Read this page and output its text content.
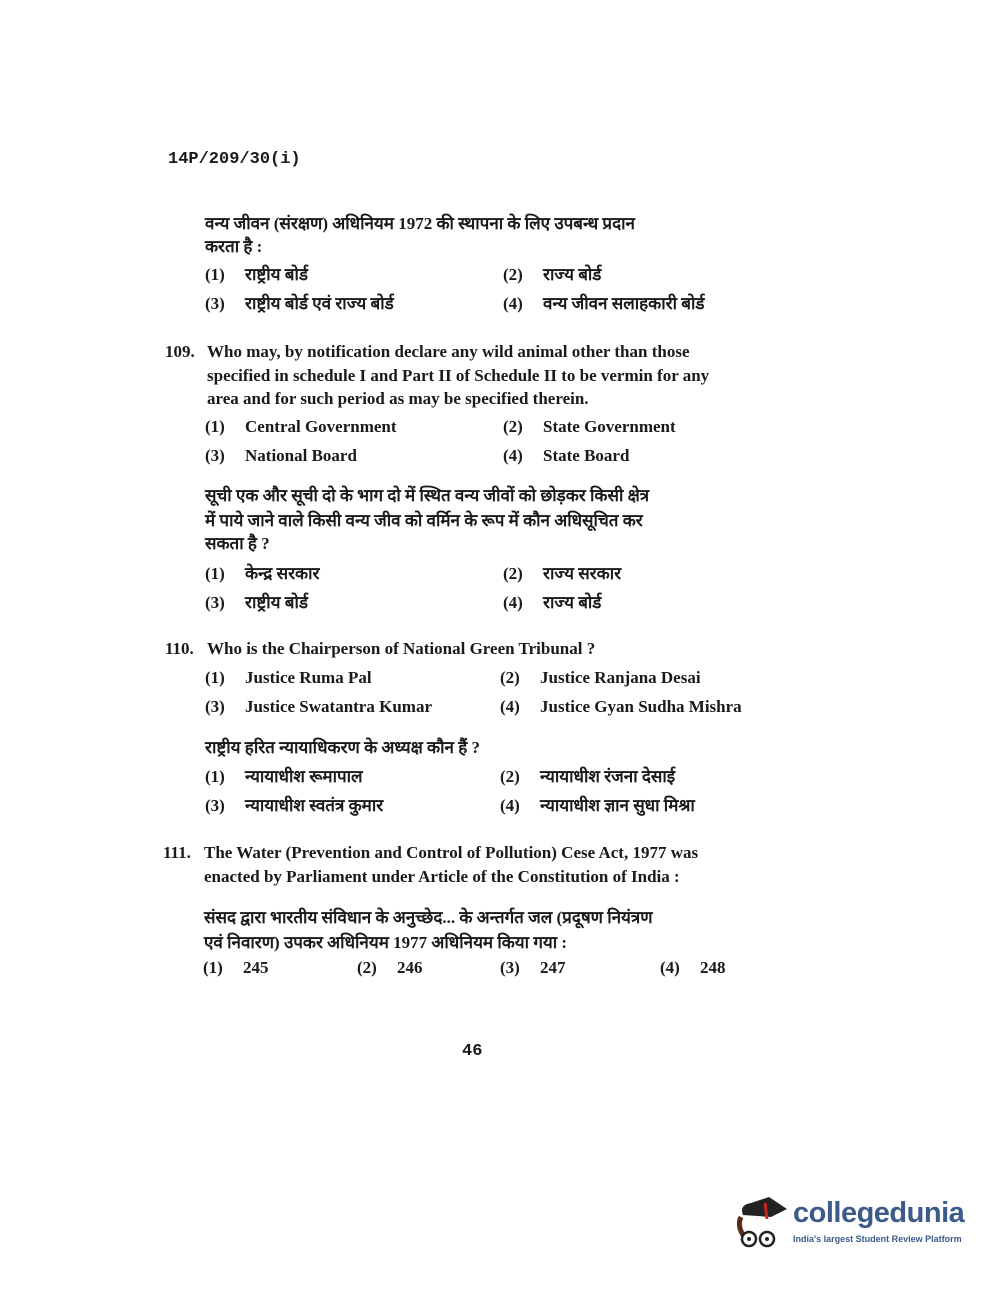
14P/209/30(i)
वन्य जीवन (संरक्षण) अधिनियम 1972 की स्थापना के लिए उपबन्ध प्रदान
करता है :
(1) राष्ट्रीय बोर्ड	(2) राज्य बोर्ड
(3) राष्ट्रीय बोर्ड एवं राज्य बोर्ड	(4) वन्य जीवन सलाहकारी बोर्ड
109. Who may, by notification declare any wild animal other than those
specified in schedule I and Part II of Schedule II to be vermin for any
area and for such period as may be specified therein.
(1) Central Government	(2) State Government
(3) National Board	(4) State Board
सूची एक और सूची दो के भाग दो में स्थित वन्य जीवों को छोड़कर किसी क्षेत्र
में पाये जाने वाले किसी वन्य जीव को वर्मिन के रूप में कौन अधिसूचित कर
सकता है ?
(1) केन्द्र सरकार	(2) राज्य सरकार
(3) राष्ट्रीय बोर्ड	(4) राज्य बोर्ड
110. Who is the Chairperson of National Green Tribunal ?
(1) Justice Ruma Pal	(2) Justice Ranjana Desai
(3) Justice Swatantra Kumar	(4) Justice Gyan Sudha Mishra
राष्ट्रीय हरित न्यायाधिकरण के अध्यक्ष कौन हैं ?
(1) न्यायाधीश रूमापाल	(2) न्यायाधीश रंजना देसाई
(3) न्यायाधीश स्वतंत्र कुमार	(4) न्यायाधीश ज्ञान सुधा मिश्रा
111. The Water (Prevention and Control of Pollution) Cese Act, 1977 was
enacted by Parliament under Article of the Constitution of India :
संसद द्वारा भारतीय संविधान के अनुच्छेद... के अन्तर्गत जल (प्रदूषण नियंत्रण
एवं निवारण) उपकर अधिनियम 1977 अधिनियम किया गया :
(1) 245	(2) 246	(3) 247	(4) 248
46
collegedunia
India's largest Student Review Platform
